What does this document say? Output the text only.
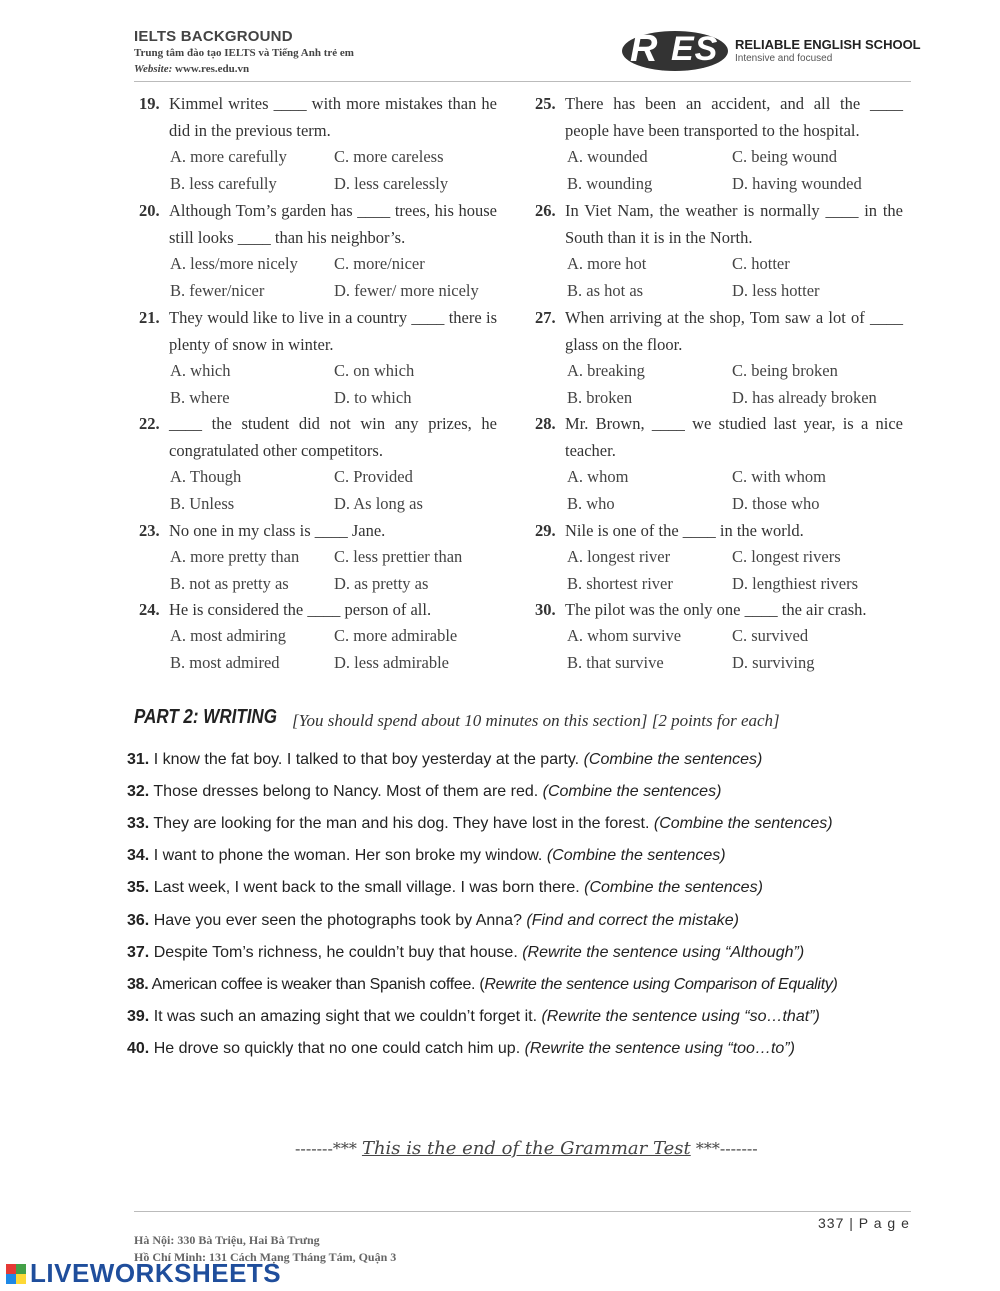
IELTS BACKGROUND
Trung tâm đào tạo IELTS và Tiếng Anh trẻ em
Website: www.res.edu.vn	R ES RELIABLE ENGLISH SCHOOL
Intensive and focused
19. Kimmel writes ____ with more mistakes than he did in the previous term.
A. more carefully	C. more careless
B. less carefully	D. less carelessly
20. Although Tom’s garden has ____ trees, his house still looks ____ than his neighbor’s.
A. less/more nicely C. more/nicer
B. fewer/nicer	D. fewer/ more nicely
21. They would like to live in a country ____ there is plenty of snow in winter.
A. which	C. on which
B. where	D. to which
22. ____ the student did not win any prizes, he congratulated other competitors.
A. Though	C. Provided
B. Unless	D. As long as
23. No one in my class is ____ Jane.
A. more pretty than C. less prettier than
B. not as pretty as	D. as pretty as
24. He is considered the ____ person of all.
A. most admiring	C. more admirable
B. most admired	D. less admirable
25. There has been an accident, and all the ____ people have been transported to the hospital.
A. wounded	C. being wound
B. wounding	D. having wounded
26. In Viet Nam, the weather is normally ____ in the South than it is in the North.
A. more hot	C. hotter
B. as hot as	D. less hotter
27. When arriving at the shop, Tom saw a lot of ____ glass on the floor.
A. breaking	C. being broken
B. broken	D. has already broken
28. Mr. Brown, ____ we studied last year, is a nice teacher.
A. whom	C. with whom
B. who	D. those who
29. Nile is one of the ____ in the world.
A. longest river	C. longest rivers
B. shortest river	D. lengthiest rivers
30. The pilot was the only one ____ the air crash.
A. whom survive	C. survived
B. that survive	D. surviving
PART 2: WRITING [You should spend about 10 minutes on this section] [2 points for each]
31. I know the fat boy. I talked to that boy yesterday at the party. (Combine the sentences)
32. Those dresses belong to Nancy. Most of them are red. (Combine the sentences)
33. They are looking for the man and his dog. They have lost in the forest. (Combine the sentences)
34. I want to phone the woman. Her son broke my window. (Combine the sentences)
35. Last week, I went back to the small village. I was born there. (Combine the sentences)
36. Have you ever seen the photographs took by Anna? (Find and correct the mistake)
37. Despite Tom’s richness, he couldn’t buy that house. (Rewrite the sentence using “Although”)
38. American coffee is weaker than Spanish coffee. (Rewrite the sentence using Comparison of Equality)
39. It was such an amazing sight that we couldn’t forget it. (Rewrite the sentence using “so…that”)
40. He drove so quickly that no one could catch him up. (Rewrite the sentence using “too…to”)
-------*** This is the end of the Grammar Test ***-------
337 | P a g e
Hà Nội: 330 Bà Triệu, Hai Bà Trưng
Hồ Chí Minh: 131 Cách Mạng Tháng Tám, Quận 3
LIVEWORKSHEETS
